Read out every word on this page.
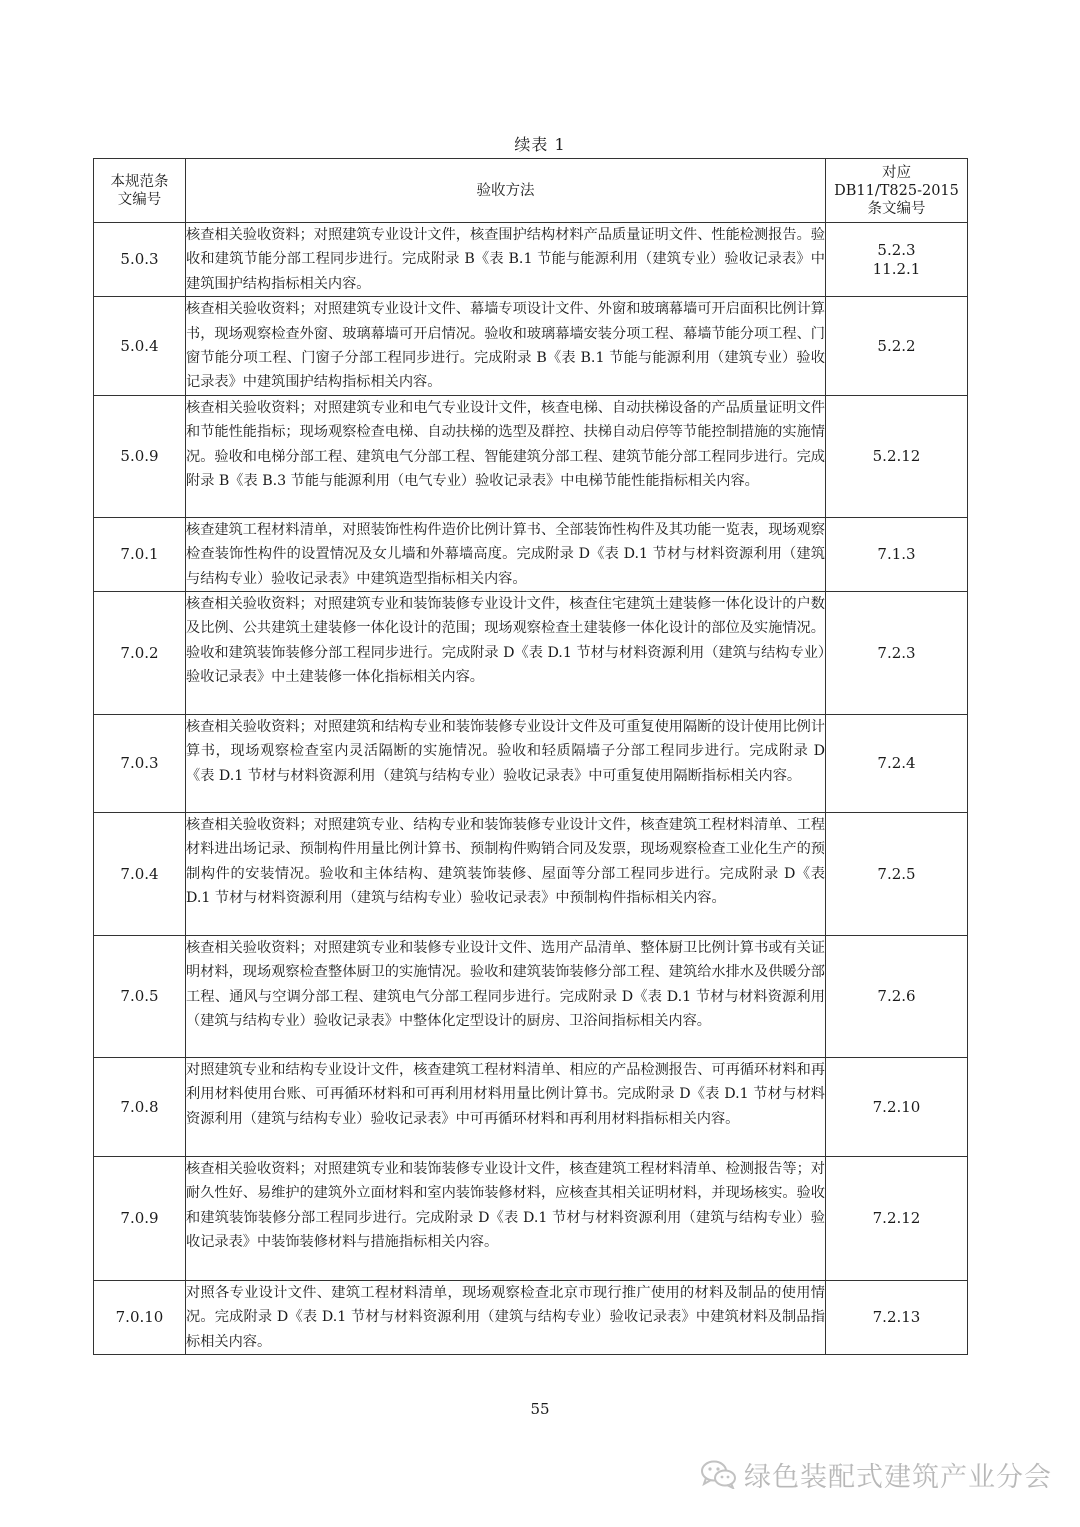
续表 1
本规范条
文编号	验收方法	对应
DB11/T825-2015
条文编号
5.0.3	核查相关验收资料；对照建筑专业设计文件，核查围护结构材料产品质量证明文件、性能检测报告。验收和建筑节能分部工程同步进行。完成附录 B《表 B.1 节能与能源利用（建筑专业）验收记录表》中建筑围护结构指标相关内容。	5.2.3
11.2.1
5.0.4	核查相关验收资料；对照建筑专业设计文件、幕墙专项设计文件、外窗和玻璃幕墙可开启面积比例计算书，现场观察检查外窗、玻璃幕墙可开启情况。验收和玻璃幕墙安装分项工程、幕墙节能分项工程、门窗节能分项工程、门窗子分部工程同步进行。完成附录 B《表 B.1 节能与能源利用（建筑专业）验收记录表》中建筑围护结构指标相关内容。	5.2.2
5.0.9	核查相关验收资料；对照建筑专业和电气专业设计文件，核查电梯、自动扶梯设备的产品质量证明文件和节能性能指标；现场观察检查电梯、自动扶梯的选型及群控、扶梯自动启停等节能控制措施的实施情况。验收和电梯分部工程、建筑电气分部工程、智能建筑分部工程、建筑节能分部工程同步进行。完成附录 B《表 B.3 节能与能源利用（电气专业）验收记录表》中电梯节能性能指标相关内容。	5.2.12
7.0.1	核查建筑工程材料清单，对照装饰性构件造价比例计算书、全部装饰性构件及其功能一览表，现场观察检查装饰性构件的设置情况及女儿墙和外幕墙高度。完成附录 D《表 D.1 节材与材料资源利用（建筑与结构专业）验收记录表》中建筑造型指标相关内容。	7.1.3
7.0.2	核查相关验收资料；对照建筑专业和装饰装修专业设计文件，核查住宅建筑土建装修一体化设计的户数及比例、公共建筑土建装修一体化设计的范围；现场观察检查土建装修一体化设计的部位及实施情况。验收和建筑装饰装修分部工程同步进行。完成附录 D《表 D.1 节材与材料资源利用（建筑与结构专业）验收记录表》中土建装修一体化指标相关内容。	7.2.3
7.0.3	核查相关验收资料；对照建筑和结构专业和装饰装修专业设计文件及可重复使用隔断的设计使用比例计算书，现场观察检查室内灵活隔断的实施情况。验收和轻质隔墙子分部工程同步进行。完成附录 D《表 D.1 节材与材料资源利用（建筑与结构专业）验收记录表》中可重复使用隔断指标相关内容。	7.2.4
7.0.4	核查相关验收资料；对照建筑专业、结构专业和装饰装修专业设计文件，核查建筑工程材料清单、工程材料进出场记录、预制构件用量比例计算书、预制构件购销合同及发票，现场观察检查工业化生产的预制构件的安装情况。验收和主体结构、建筑装饰装修、屋面等分部工程同步进行。完成附录 D《表 D.1 节材与材料资源利用（建筑与结构专业）验收记录表》中预制构件指标相关内容。	7.2.5
7.0.5	核查相关验收资料；对照建筑专业和装修专业设计文件、选用产品清单、整体厨卫比例计算书或有关证明材料，现场观察检查整体厨卫的实施情况。验收和建筑装饰装修分部工程、建筑给水排水及供暖分部工程、通风与空调分部工程、建筑电气分部工程同步进行。完成附录 D《表 D.1 节材与材料资源利用（建筑与结构专业）验收记录表》中整体化定型设计的厨房、卫浴间指标相关内容。	7.2.6
7.0.8	对照建筑专业和结构专业设计文件，核查建筑工程材料清单、相应的产品检测报告、可再循环材料和再利用材料使用台账、可再循环材料和可再利用材料用量比例计算书。完成附录 D《表 D.1 节材与材料资源利用（建筑与结构专业）验收记录表》中可再循环材料和再利用材料指标相关内容。	7.2.10
7.0.9	核查相关验收资料；对照建筑专业和装饰装修专业设计文件，核查建筑工程材料清单、检测报告等；对耐久性好、易维护的建筑外立面材料和室内装饰装修材料，应核查其相关证明材料，并现场核实。验收和建筑装饰装修分部工程同步进行。完成附录 D《表 D.1 节材与材料资源利用（建筑与结构专业）验收记录表》中装饰装修材料与措施指标相关内容。	7.2.12
7.0.10	对照各专业设计文件、建筑工程材料清单，现场观察检查北京市现行推广使用的材料及制品的使用情况。完成附录 D《表 D.1 节材与材料资源利用（建筑与结构专业）验收记录表》中建筑材料及制品指标相关内容。	7.2.13
55
绿色装配式建筑产业分会
